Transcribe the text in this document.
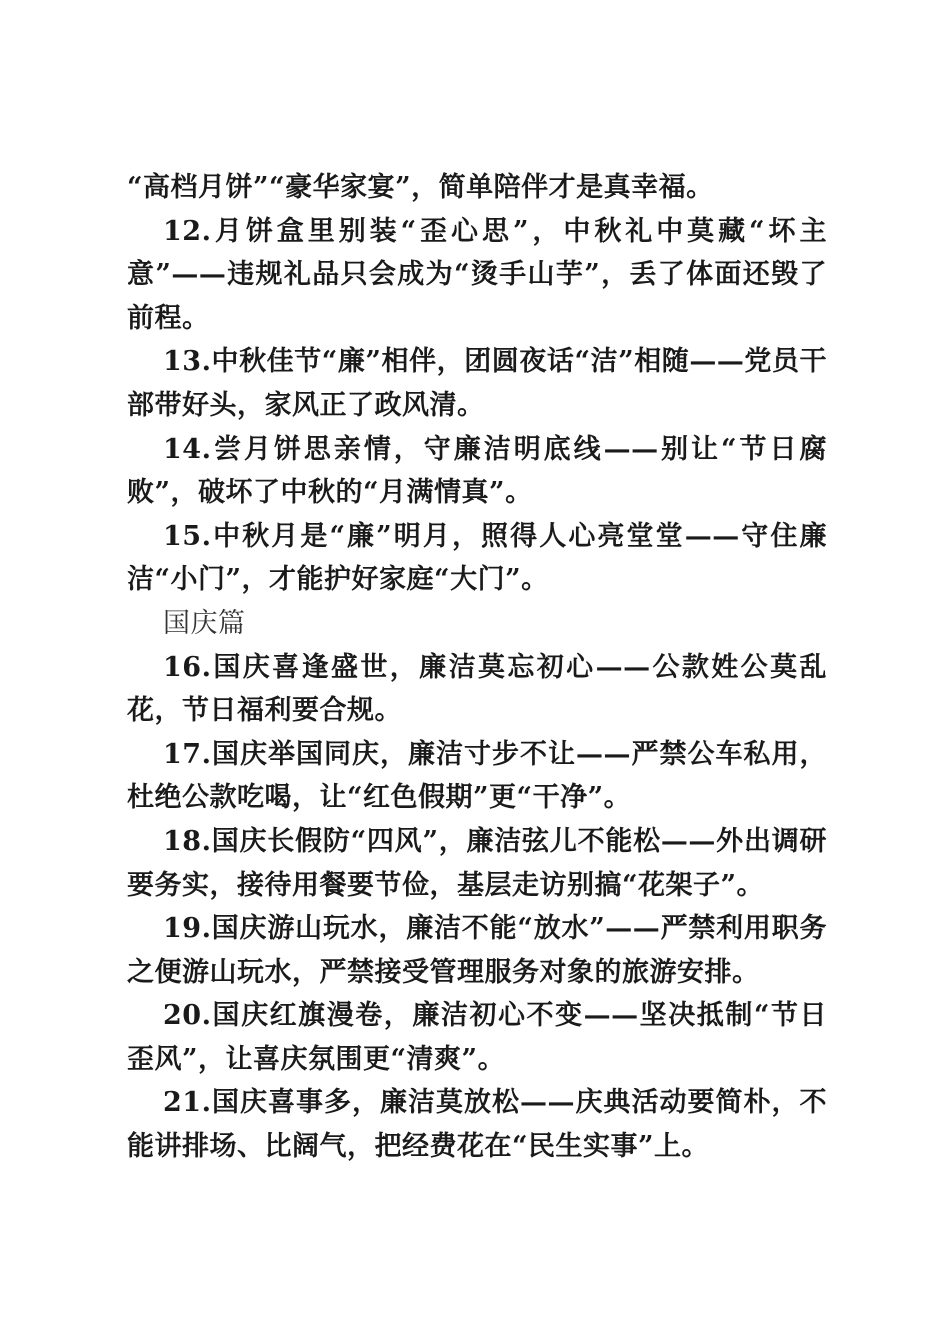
“高档月饼”“豪华家宴”，简单陪伴才是真幸福。

12.月饼盒里别装“歪心思”，中秋礼中莫藏“坏主意”——违规礼品只会成为“烫手山芋”，丢了体面还毁了前程。

13.中秋佳节“廉”相伴，团圆夜话“洁”相随——党员干部带好头，家风正了政风清。

14.尝月饼思亲情，守廉洁明底线——别让“节日腐败”，破坏了中秋的“月满情真”。

15.中秋月是“廉”明月，照得人心亮堂堂——守住廉洁“小门”，才能护好家庭“大门”。

国庆篇

16.国庆喜逢盛世，廉洁莫忘初心——公款姓公莫乱花，节日福利要合规。

17.国庆举国同庆，廉洁寸步不让——严禁公车私用，杜绝公款吃喝，让“红色假期”更“干净”。

18.国庆长假防“四风”，廉洁弦儿不能松——外出调研要务实，接待用餐要节俭，基层走访别搞“花架子”。

19.国庆游山玩水，廉洁不能“放水”——严禁利用职务之便游山玩水，严禁接受管理服务对象的旅游安排。

20.国庆红旗漫卷，廉洁初心不变——坚决抵制“节日歪风”，让喜庆氛围更“清爽”。

21.国庆喜事多，廉洁莫放松——庆典活动要简朴，不能讲排场、比阔气，把经费花在“民生实事”上。
